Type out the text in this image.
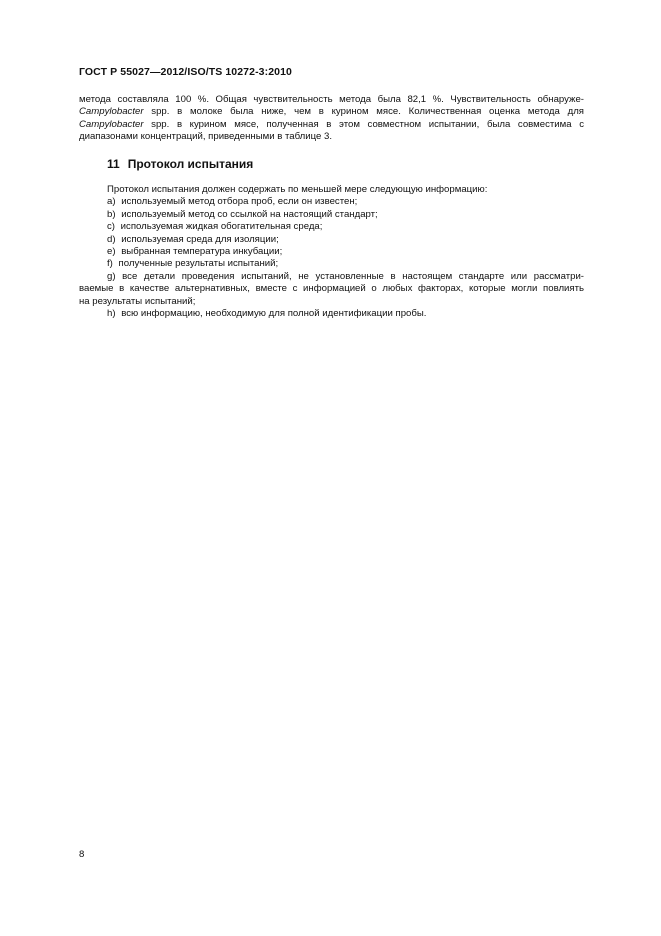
ГОСТ Р 55027—2012/ISO/TS 10272-3:2010
метода составляла 100 %. Общая чувствительность метода была 82,1 %. Чувствительность обнаруже-
Campylobacter spp. в молоке была ниже, чем в курином мясе. Количественная оценка метода для
Campylobacter spp. в курином мясе, полученная в этом совместном испытании, была совместима с
диапазонами концентраций, приведенными в таблице 3.
11 Протокол испытания
Протокол испытания должен содержать по меньшей мере следующую информацию:
a) используемый метод отбора проб, если он известен;
b) используемый метод со ссылкой на настоящий стандарт;
c) используемая жидкая обогатительная среда;
d) используемая среда для изоляции;
e) выбранная температура инкубации;
f) полученные результаты испытаний;
g) все детали проведения испытаний, не установленные в настоящем стандарте или рассматри-
ваемые в качестве альтернативных, вместе с информацией о любых факторах, которые могли повлиять
на результаты испытаний;
h) всю информацию, необходимую для полной идентификации пробы.
8
